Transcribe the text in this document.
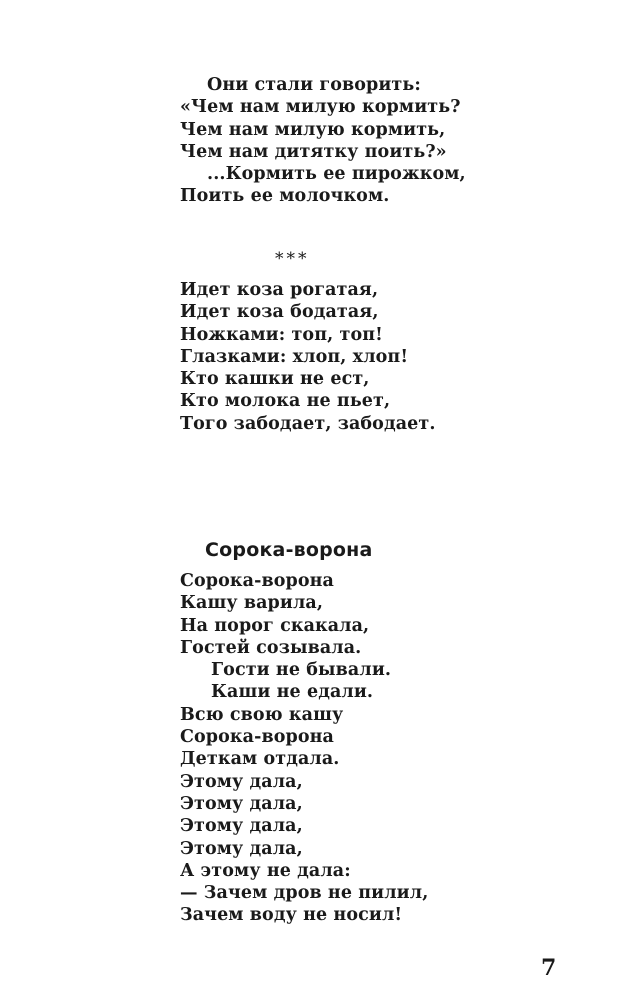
Они стали говорить:
«Чем нам милую кормить?
Чем нам милую кормить,
Чем нам дитятку поить?»
...Кормить ее пирожком,
Поить ее молочком.
***
Идет коза рогатая,
Идет коза бодатая,
Ножками: топ, топ!
Глазками: хлоп, хлоп!
Кто кашки не ест,
Кто молока не пьет,
Того забодает, забодает.
Сорока-ворона
Сорока-ворона
Кашу варила,
На порог скакала,
Гостей созывала.
Гости не бывали.
Каши не едали.
Всю свою кашу
Сорока-ворона
Деткам отдала.
Этому дала,
Этому дала,
Этому дала,
Этому дала,
А этому не дала:
— Зачем дров не пилил,
Зачем воду не носил!
7
